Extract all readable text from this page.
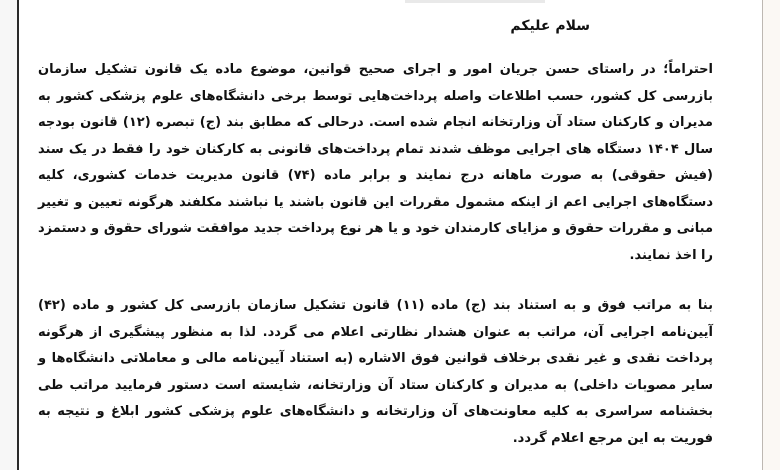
سلام علیکم

احتراماً؛ در راستای حسن جریان امور و اجرای صحیح قوانین، موضوع ماده یک قانون تشکیل سازمان بازرسی کل کشور، حسب اطلاعات واصله پرداخت‌هایی توسط برخی دانشگاه‌های علوم پزشکی کشور به مدیران و کارکنان ستاد آن وزارتخانه انجام شده است. درحالی که مطابق بند (ج) تبصره (۱۲) قانون بودجه سال ۱۴۰۴ دستگاه های اجرایی موظف شدند تمام پرداخت‌های قانونی به کارکنان خود را فقط در یک سند (فیش حقوقی) به صورت ماهانه درج نمایند و برابر ماده (۷۴) قانون مدیریت خدمات کشوری، کلیه دستگاه‌های اجرایی اعم از اینکه مشمول مقررات این قانون باشند یا نباشند مکلفند هرگونه تعیین و تغییر مبانی و مقررات حقوق و مزایای کارمندان خود و یا هر نوع پرداخت جدید موافقت شورای حقوق و دستمزد را اخذ نمایند.

بنا به مراتب فوق و به استناد بند (ج) ماده (۱۱) قانون تشکیل سازمان بازرسی کل کشور و ماده (۴۲) آیین‌نامه اجرایی آن، مراتب به عنوان هشدار نظارتی اعلام می گردد. لذا به منظور پیشگیری از هرگونه پرداخت نقدی و غیر نقدی برخلاف قوانین فوق الاشاره (به استناد آیین‌نامه مالی و معاملاتی دانشگاه‌ها و سایر مصوبات داخلی) به مدیران و کارکنان ستاد آن وزارتخانه، شایسته است دستور فرمایید مراتب طی بخشنامه سراسری به کلیه معاونت‌های آن وزارتخانه و دانشگاه‌های علوم پزشکی کشور ابلاغ و نتیجه به فوریت به این مرجع اعلام گردد.
